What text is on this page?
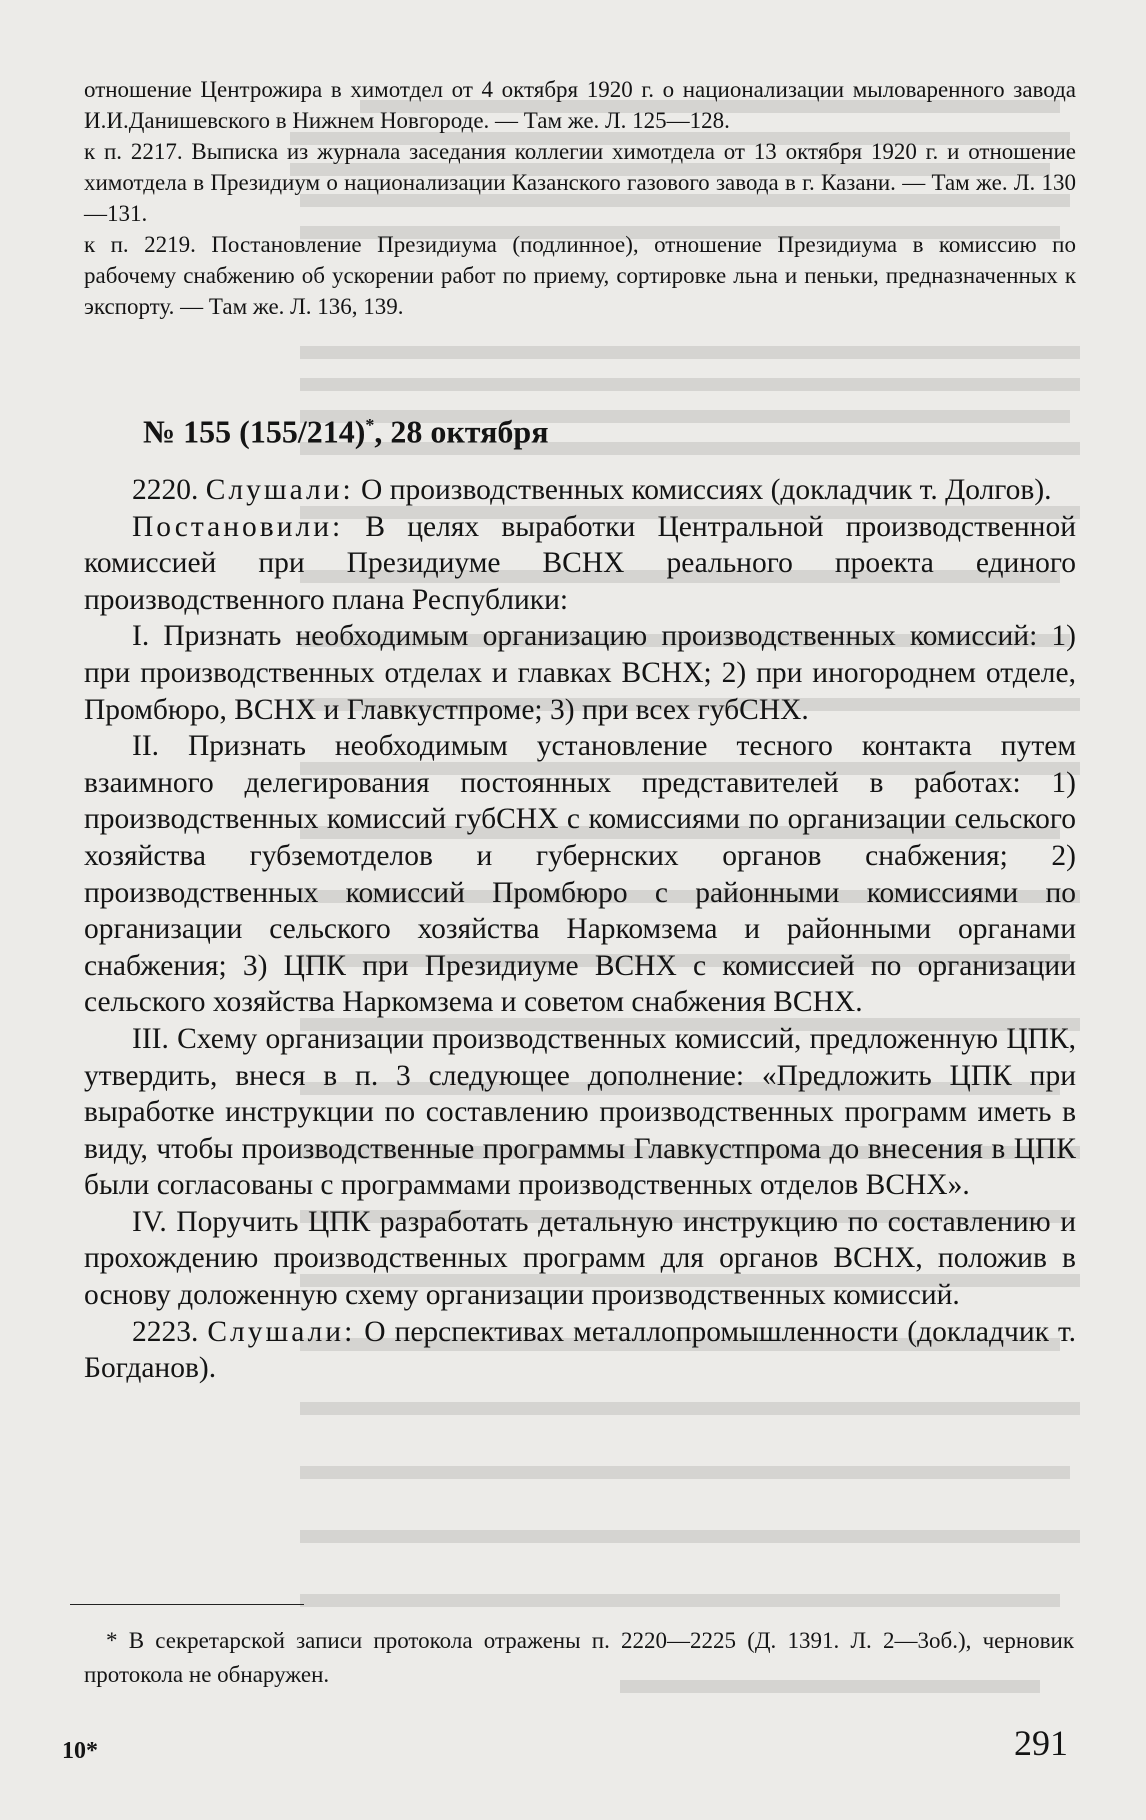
отношение Центрожира в химотдел от 4 октября 1920 г. о национализации мыловаренного завода И.И.Данишевского в Нижнем Новгороде. — Там же. Л. 125—128.

к п. 2217. Выписка из журнала заседания коллегии химотдела от 13 октября 1920 г. и отношение химотдела в Президиум о национализации Казанского газового завода в г. Казани. — Там же. Л. 130—131.

к п. 2219. Постановление Президиума (подлинное), отношение Президиума в комиссию по рабочему снабжению об ускорении работ по приему, сортировке льна и пеньки, предназначенных к экспорту. — Там же. Л. 136, 139.

№ 155 (155/214)*, 28 октября

2220. Слушали: О производственных комиссиях (докладчик т. Долгов).

Постановили: В целях выработки Центральной производственной комиссией при Президиуме ВСНХ реального проекта единого производственного плана Республики:

I. Признать необходимым организацию производственных комиссий: 1) при производственных отделах и главках ВСНХ; 2) при иногороднем отделе, Промбюро, ВСНХ и Главкустпроме; 3) при всех губСНХ.

II. Признать необходимым установление тесного контакта путем взаимного делегирования постоянных представителей в работах: 1) производственных комиссий губСНХ с комиссиями по организации сельского хозяйства губземотделов и губернских органов снабжения; 2) производственных комиссий Промбюро с районными комиссиями по организации сельского хозяйства Наркомзема и районными органами снабжения; 3) ЦПК при Президиуме ВСНХ с комиссией по организации сельского хозяйства Наркомзема и советом снабжения ВСНХ.

III. Схему организации производственных комиссий, предложенную ЦПК, утвердить, внеся в п. 3 следующее дополнение: «Предложить ЦПК при выработке инструкции по составлению производственных программ иметь в виду, чтобы производственные программы Главкустпрома до внесения в ЦПК были согласованы с программами производственных отделов ВСНХ».

IV. Поручить ЦПК разработать детальную инструкцию по составлению и прохождению производственных программ для органов ВСНХ, положив в основу доложенную схему организации производственных комиссий.

2223. Слушали: О перспективах металлопромышленности (докладчик т. Богданов).

* В секретарской записи протокола отражены п. 2220—2225 (Д. 1391. Л. 2—3об.), черновик протокола не обнаружен.

10*	291
